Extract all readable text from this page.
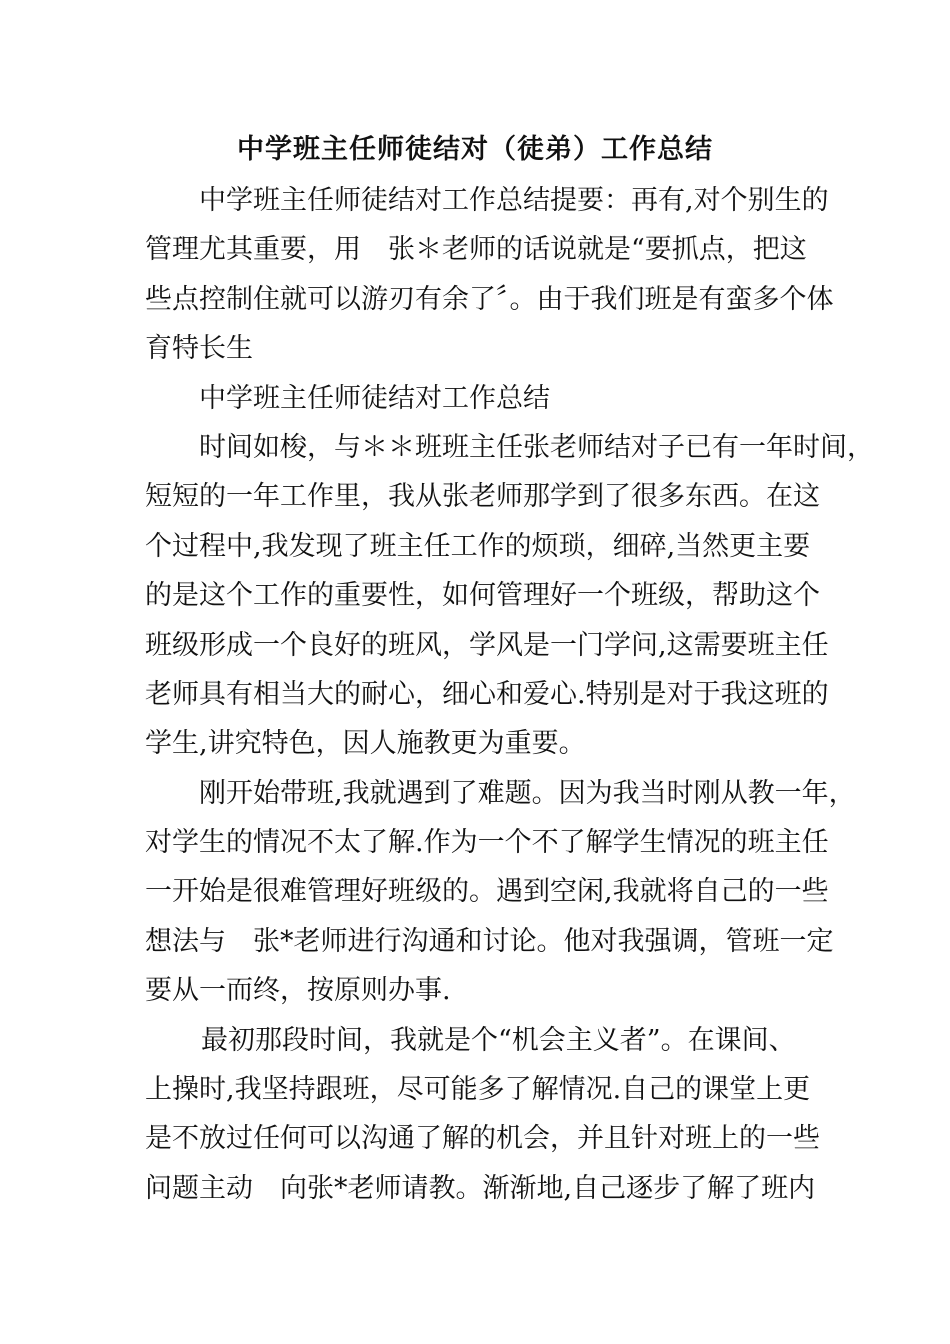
中学班主任师徒结对（徒弟）工作总结
中学班主任师徒结对工作总结提要：再有,对个别生的
管理尤其重要，用　张＊老师的话说就是“要抓点，把这
些点控制住就可以游刃有余了〞。由于我们班是有蛮多个体
育特长生
中学班主任师徒结对工作总结
时间如梭，与＊＊班班主任张老师结对子已有一年时间，
短短的一年工作里，我从张老师那学到了很多东西。在这
个过程中,我发现了班主任工作的烦琐，细碎,当然更主要
的是这个工作的重要性，如何管理好一个班级，帮助这个
班级形成一个良好的班风，学风是一门学问,这需要班主任
老师具有相当大的耐心，细心和爱心.特别是对于我这班的
学生,讲究特色，因人施教更为重要。
刚开始带班,我就遇到了难题。因为我当时刚从教一年，
对学生的情况不太了解.作为一个不了解学生情况的班主任
一开始是很难管理好班级的。遇到空闲,我就将自己的一些
想法与　张*老师进行沟通和讨论。他对我强调，管班一定
要从一而终，按原则办事.
最初那段时间，我就是个“机会主义者”。在课间、
上操时,我坚持跟班，尽可能多了解情况.自己的课堂上更
是不放过任何可以沟通了解的机会，并且针对班上的一些
问题主动　向张*老师请教。渐渐地,自己逐步了解了班内
